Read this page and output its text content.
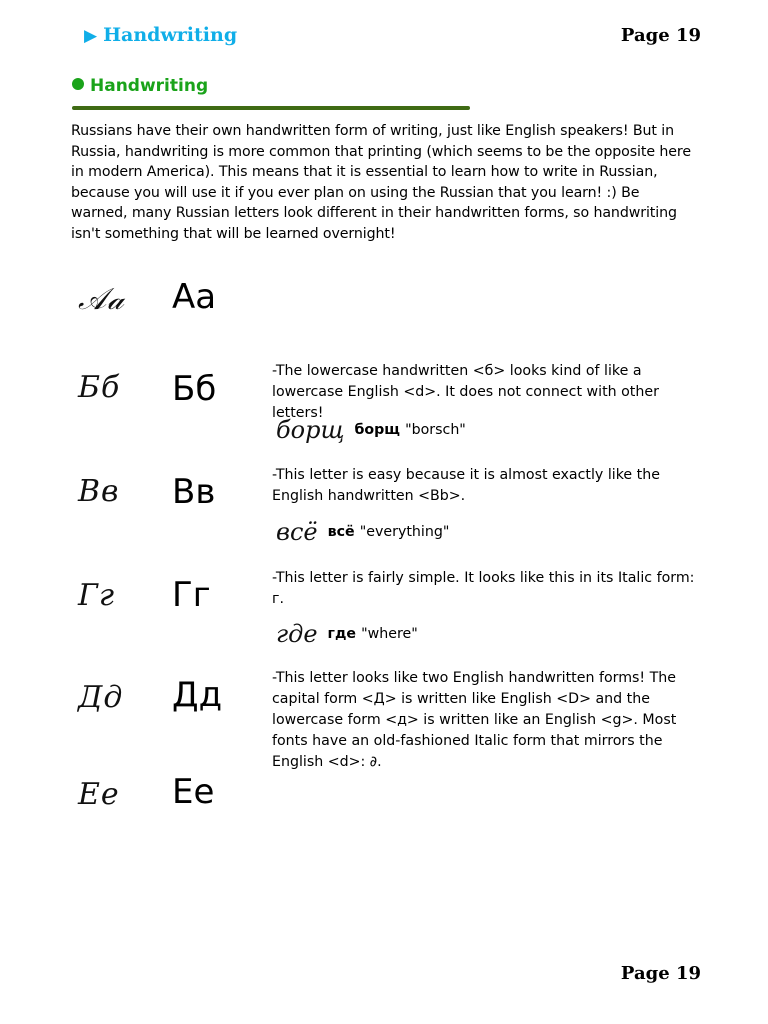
▶ Handwriting	Page 19
Handwriting

Russians have their own handwritten form of writing, just like English speakers! But in Russia, handwriting is more common that printing (which seems to be the opposite here in modern America). This means that it is essential to learn how to write in Russian, because you will use it if you ever plan on using the Russian that you learn! :) Be warned, many Russian letters look different in their handwritten forms, so handwriting isn't something that will be learned overnight!

𝒜𝒶 Аа
Бб Бб	-The lowercase handwritten <б> looks kind of like a lowercase English <d>. It does not connect with other letters!

борщ борщ "borsch"
Вв Вв	-This letter is easy because it is almost exactly like the English handwritten <Bb>.

всё всё "everything"
Гг Гг	-This letter is fairly simple. It looks like this in its Italic form: г.

где где "where"
Дд Дд	-This letter looks like two English handwritten forms! The capital form <Д> is written like English <D> and the lowercase form <д> is written like an English <g>. Most fonts have an old-fashioned Italic form that mirrors the English <d>: ∂.

Ее Ее
Page 19
